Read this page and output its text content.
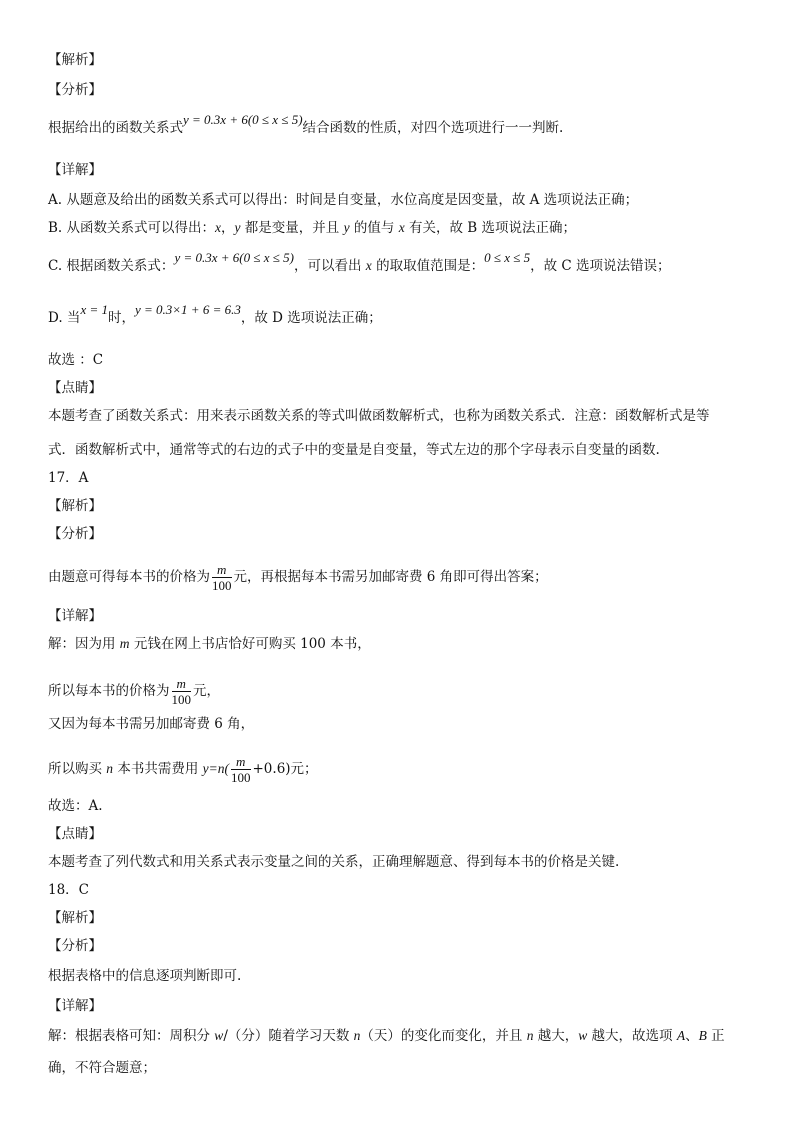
【解析】
【分析】
根据给出的函数关系式y = 0.3x + 6(0 ≤ x ≤ 5)结合函数的性质，对四个选项进行一一判断.
【详解】
A. 从题意及给出的函数关系式可以得出：时间是自变量，水位高度是因变量，故 A 选项说法正确；
B. 从函数关系式可以得出：x，y 都是变量，并且 y 的值与 x 有关，故 B 选项说法正确；
C. 根据函数关系式：y = 0.3x + 6(0 ≤ x ≤ 5)，可以看出 x 的取取值范围是：0 ≤ x ≤ 5，故 C 选项说法错误；
D. 当x = 1时，y = 0.3×1 + 6 = 6.3，故 D 选项说法正确；
故选 ：C
【点睛】
本题考查了函数关系式：用来表示函数关系的等式叫做函数解析式，也称为函数关系式．注意：函数解析式是等
式．函数解析式中，通常等式的右边的式子中的变量是自变量，等式左边的那个字母表示自变量的函数.
17．A
【解析】
【分析】
由题意可得每本书的价格为 $\frac{m}{100}$ 元，再根据每本书需另加邮寄费 6 角即可得出答案；
【详解】
解：因为用 m 元钱在网上书店恰好可购买 100 本书，
所以每本书的价格为 $\frac{m}{100}$ 元，
又因为每本书需另加邮寄费 6 角，
所以购买 n 本书共需费用 $y=n( \frac{m}{100} +0.6)$元；
故选：A.
【点睛】
本题考查了列代数式和用关系式表示变量之间的关系，正确理解题意、得到每本书的价格是关键.
18．C
【解析】
【分析】
根据表格中的信息逐项判断即可.
【详解】
解：根据表格可知：周积分 w/（分）随着学习天数 n（天）的变化而变化，并且 n 越大，w 越大，故选项 A、B 正
确，不符合题意；
